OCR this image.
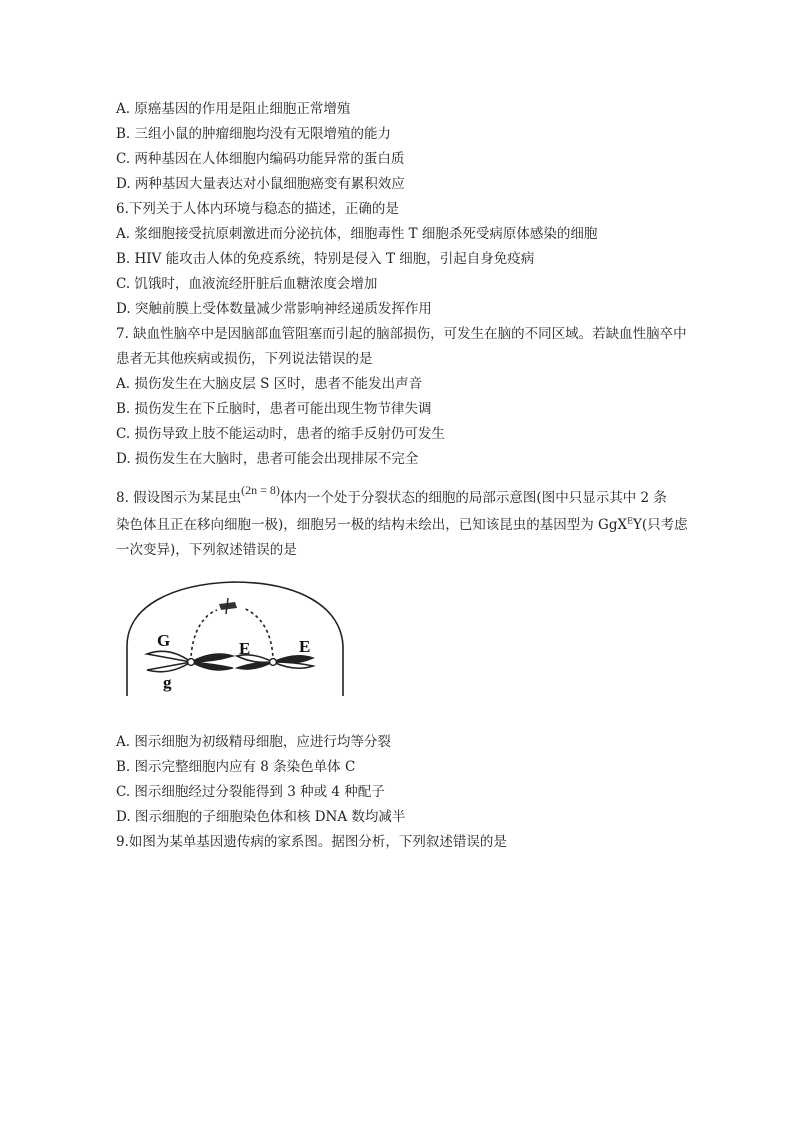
A. 原癌基因的作用是阻止细胞正常增殖
B. 三组小鼠的肿瘤细胞均没有无限增殖的能力
C. 两种基因在人体细胞内编码功能异常的蛋白质
D. 两种基因大量表达对小鼠细胞癌变有累积效应
6.下列关于人体内环境与稳态的描述，正确的是
A. 浆细胞接受抗原刺激进而分泌抗体，细胞毒性 T 细胞杀死受病原体感染的细胞
B. HIV 能攻击人体的免疫系统，特别是侵入 T 细胞，引起自身免疫病
C. 饥饿时，血液流经肝脏后血糖浓度会增加
D. 突触前膜上受体数量减少常影响神经递质发挥作用
7. 缺血性脑卒中是因脑部血管阻塞而引起的脑部损伤，可发生在脑的不同区域。若缺血性脑卒中
患者无其他疾病或损伤，下列说法错误的是
A. 损伤发生在大脑皮层 S 区时，患者不能发出声音
B. 损伤发生在下丘脑时，患者可能出现生物节律失调
C. 损伤导致上肢不能运动时，患者的缩手反射仍可发生
D. 损伤发生在大脑时，患者可能会出现排尿不完全
8. 假设图示为某昆虫(2n = 8)体内一个处于分裂状态的细胞的局部示意图(图中只显示其中 2 条
染色体且正在移向细胞一极)，细胞另一极的结构未绘出，已知该昆虫的基因型为 GgX$^E$Y(只考虑
一次变异)，下列叙述错误的是
G
g
E	E
A. 图示细胞为初级精母细胞，应进行均等分裂
B. 图示完整细胞内应有 8 条染色单体 C
C. 图示细胞经过分裂能得到 3 种或 4 种配子
D. 图示细胞的子细胞染色体和核 DNA 数均减半
9.如图为某单基因遗传病的家系图。据图分析，下列叙述错误的是
